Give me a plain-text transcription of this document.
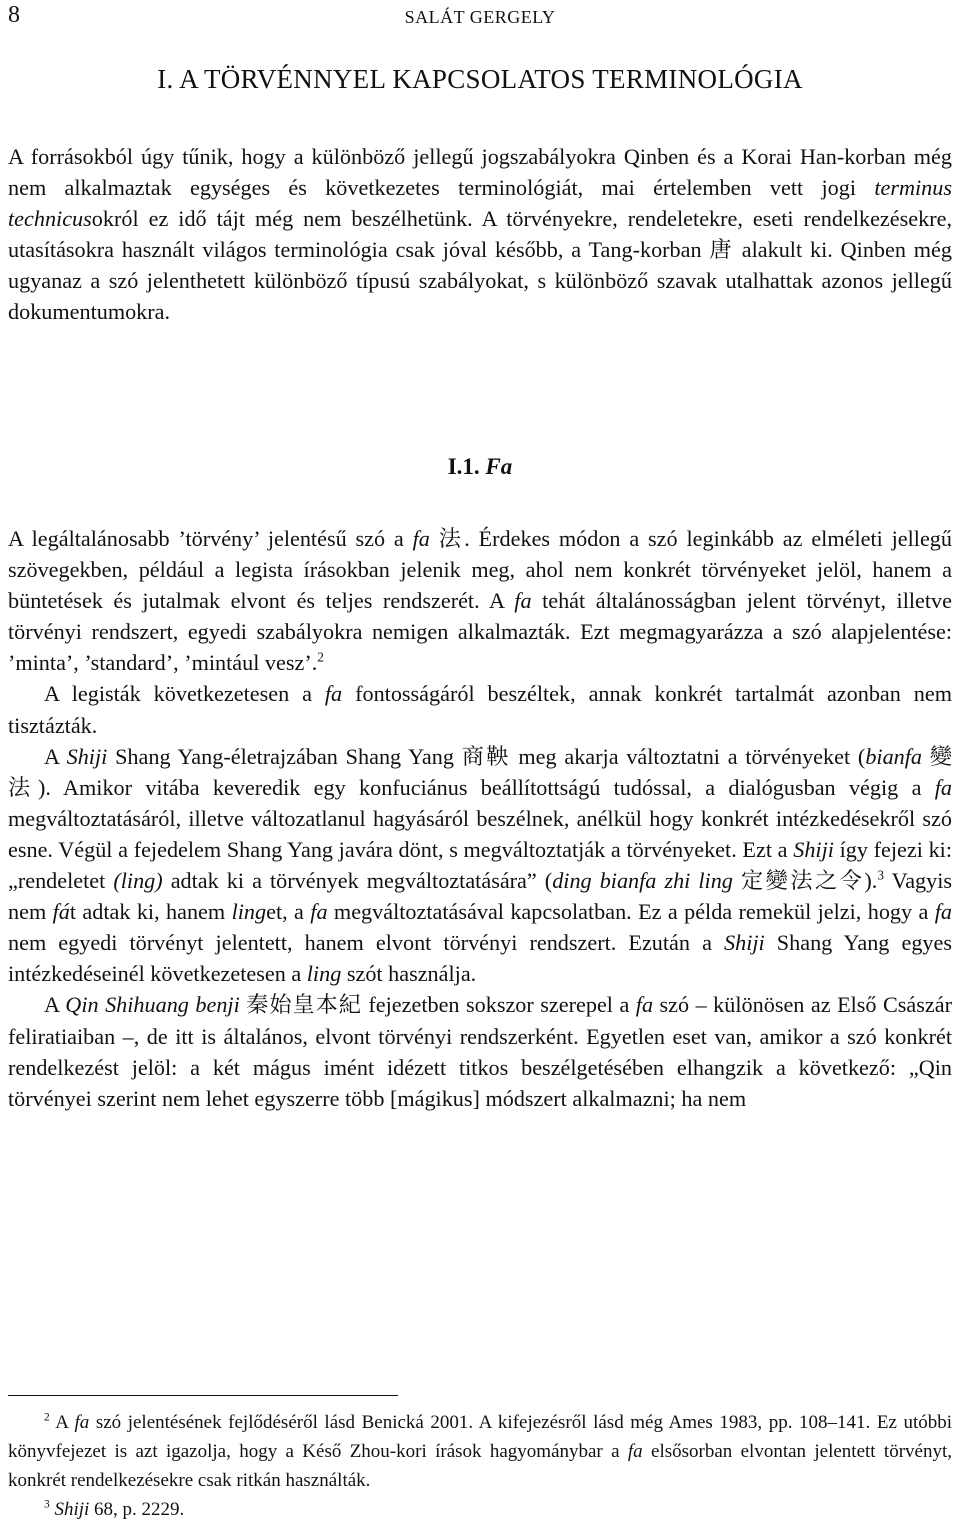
8	SALÁT GERGELY
I. A TÖRVÉNNYEL KAPCSOLATOS TERMINOLÓGIA

A forrásokból úgy tűnik, hogy a különböző jellegű jogszabályokra Qinben és a Korai Han-korban még nem alkalmaztak egységes és következetes terminológiát, mai értelemben vett jogi terminus technicusokról ez idő tájt még nem beszélhetünk. A törvényekre, rendeletekre, eseti rendelkezésekre, utasításokra használt világos terminológia csak jóval később, a Tang-korban 唐 alakult ki. Qinben még ugyanaz a szó jelenthetett különböző típusú szabályokat, s különböző szavak utalhattak azonos jellegű dokumentumokra.

I.1. Fa

A legáltalánosabb ’törvény’ jelentésű szó a fa 法. Érdekes módon a szó leginkább az elméleti jellegű szövegekben, például a legista írásokban jelenik meg, ahol nem konkrét törvényeket jelöl, hanem a büntetések és jutalmak elvont és teljes rendszerét. A fa tehát általánosságban jelent törvényt, illetve törvényi rendszert, egyedi szabályokra nemigen alkalmazták. Ezt megmagyarázza a szó alapjelentése: ’minta’, ’standard’, ’mintául vesz’.$^2$

A legisták következetesen a fa fontosságáról beszéltek, annak konkrét tartalmát azonban nem tisztázták.

A Shiji Shang Yang-életrajzában Shang Yang 商鞅 meg akarja változtatni a törvényeket (bianfa 變法). Amikor vitába keveredik egy konfuciánus beállítottságú tudóssal, a dialógusban végig a fa megváltoztatásáról, illetve változatlanul hagyásáról beszélnek, anélkül hogy konkrét intézkedésekről szó esne. Végül a fejedelem Shang Yang javára dönt, s megváltoztatják a törvényeket. Ezt a Shiji így fejezi ki: „rendeletet (ling) adtak ki a törvények megváltoztatására” (ding bianfa zhi ling 定變法之令).$^3$ Vagyis nem fát adtak ki, hanem linget, a fa megváltoztatásával kapcsolatban. Ez a példa remekül jelzi, hogy a fa nem egyedi törvényt jelentett, hanem elvont törvényi rendszert. Ezután a Shiji Shang Yang egyes intézkedéseinél következetesen a ling szót használja.

A Qin Shihuang benji 秦始皇本紀 fejezetben sokszor szerepel a fa szó – különösen az Első Császár feliratiaiban –, de itt is általános, elvont törvényi rendszerként. Egyetlen eset van, amikor a szó konkrét rendelkezést jelöl: a két mágus imént idézett titkos beszélgetésében elhangzik a következő: „Qin törvényei szerint nem lehet egyszerre több [mágikus] módszert alkalmazni; ha nem

$^2$ A fa szó jelentésének fejlődéséről lásd Benická 2001. A kifejezésről lásd még Ames 1983, pp. 108–141. Ez utóbbi könyvfejezet is azt igazolja, hogy a Késő Zhou-kori írások hagyománybar a fa elsősorban elvontan jelentett törvényt, konkrét rendelkezésekre csak ritkán használták.

$^3$ Shiji 68, p. 2229.
